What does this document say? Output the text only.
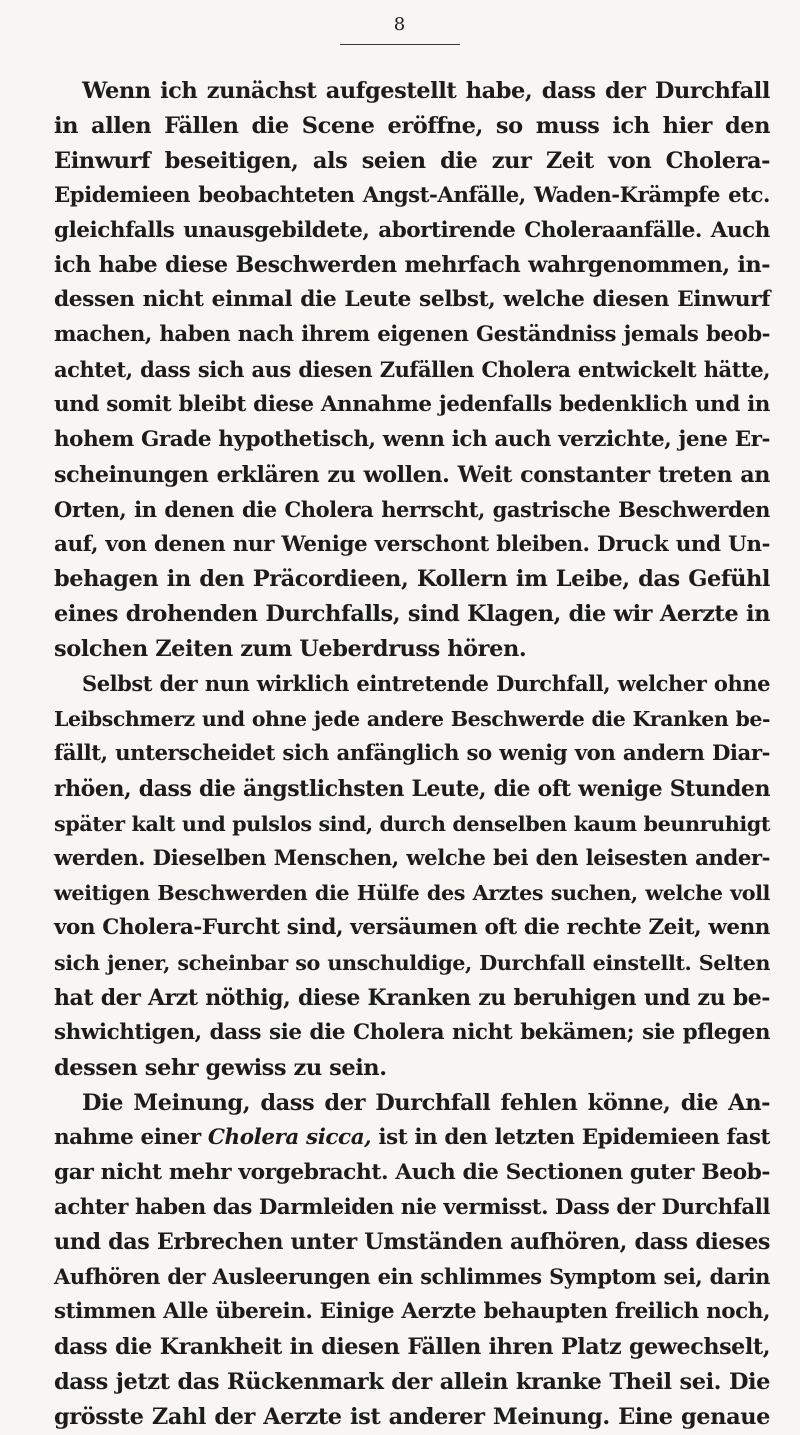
8
Wenn ich zunächst aufgestellt habe, dass der Durchfall
in allen Fällen die Scene eröffne, so muss ich hier den
Einwurf beseitigen, als seien die zur Zeit von Cholera-
Epidemieen beobachteten Angst-Anfälle, Waden-Krämpfe etc.
gleichfalls unausgebildete, abortirende Choleraanfälle. Auch
ich habe diese Beschwerden mehrfach wahrgenommen, in-
dessen nicht einmal die Leute selbst, welche diesen Einwurf
machen, haben nach ihrem eigenen Geständniss jemals beob-
achtet, dass sich aus diesen Zufällen Cholera entwickelt hätte,
und somit bleibt diese Annahme jedenfalls bedenklich und in
hohem Grade hypothetisch, wenn ich auch verzichte, jene Er-
scheinungen erklären zu wollen. Weit constanter treten an
Orten, in denen die Cholera herrscht, gastrische Beschwerden
auf, von denen nur Wenige verschont bleiben. Druck und Un-
behagen in den Präcordieen, Kollern im Leibe, das Gefühl
eines drohenden Durchfalls, sind Klagen, die wir Aerzte in
solchen Zeiten zum Ueberdruss hören.
Selbst der nun wirklich eintretende Durchfall, welcher ohne
Leibschmerz und ohne jede andere Beschwerde die Kranken be-
fällt, unterscheidet sich anfänglich so wenig von andern Diar-
rhöen, dass die ängstlichsten Leute, die oft wenige Stunden
später kalt und pulslos sind, durch denselben kaum beunruhigt
werden. Dieselben Menschen, welche bei den leisesten ander-
weitigen Beschwerden die Hülfe des Arztes suchen, welche voll
von Cholera-Furcht sind, versäumen oft die rechte Zeit, wenn
sich jener, scheinbar so unschuldige, Durchfall einstellt. Selten
hat der Arzt nöthig, diese Kranken zu beruhigen und zu be-
shwichtigen, dass sie die Cholera nicht bekämen; sie pflegen
dessen sehr gewiss zu sein.
Die Meinung, dass der Durchfall fehlen könne, die An-
nahme einer Cholera sicca, ist in den letzten Epidemieen fast
gar nicht mehr vorgebracht. Auch die Sectionen guter Beob-
achter haben das Darmleiden nie vermisst. Dass der Durchfall
und das Erbrechen unter Umständen aufhören, dass dieses
Aufhören der Ausleerungen ein schlimmes Symptom sei, darin
stimmen Alle überein. Einige Aerzte behaupten freilich noch,
dass die Krankheit in diesen Fällen ihren Platz gewechselt,
dass jetzt das Rückenmark der allein kranke Theil sei. Die
grösste Zahl der Aerzte ist anderer Meinung. Eine genaue
